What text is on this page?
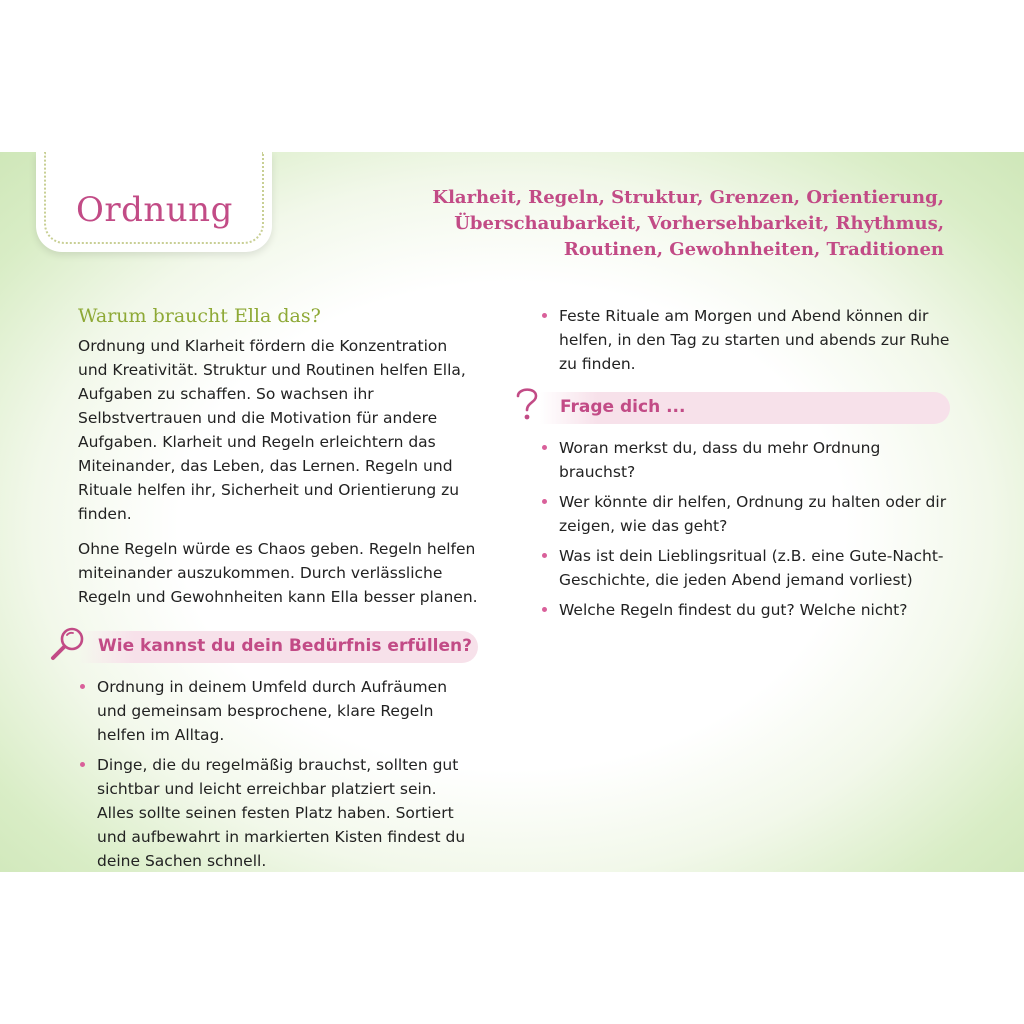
Ordnung	Klarheit, Regeln, Struktur, Grenzen, Orientierung,
Überschaubarkeit, Vorhersehbarkeit, Rhythmus,
Routinen, Gewohnheiten, Traditionen
Warum braucht Ella das?

Ordnung und Klarheit fördern die Konzentration und Kreativität. Struktur und Routinen helfen Ella, Aufgaben zu schaffen. So wachsen ihr Selbstvertrauen und die Motivation für andere Aufgaben. Klarheit und Regeln erleichtern das Miteinander, das Leben, das Lernen. Regeln und Rituale helfen ihr, Sicherheit und Orientierung zu finden.

Ohne Regeln würde es Chaos geben. Regeln helfen miteinander auszukommen. Durch verlässliche Regeln und Gewohnheiten kann Ella besser planen.

Wie kannst du dein Bedürfnis erfüllen?
Ordnung in deinem Umfeld durch Aufräumen und gemeinsam besprochene, klare Regeln helfen im Alltag.
Dinge, die du regelmäßig brauchst, sollten gut sichtbar und leicht erreichbar platziert sein. Alles sollte seinen festen Platz haben. Sortiert und aufbewahrt in markierten Kisten findest du deine Sachen schnell.
Feste Rituale am Morgen und Abend können dir helfen, in den Tag zu starten und abends zur Ruhe zu finden.
Frage dich ...
Woran merkst du, dass du mehr Ordnung brauchst?
Wer könnte dir helfen, Ordnung zu halten oder dir zeigen, wie das geht?
Was ist dein Lieblingsritual (z.B. eine Gute-Nacht-Geschichte, die jeden Abend jemand vorliest)
Welche Regeln findest du gut? Welche nicht?
